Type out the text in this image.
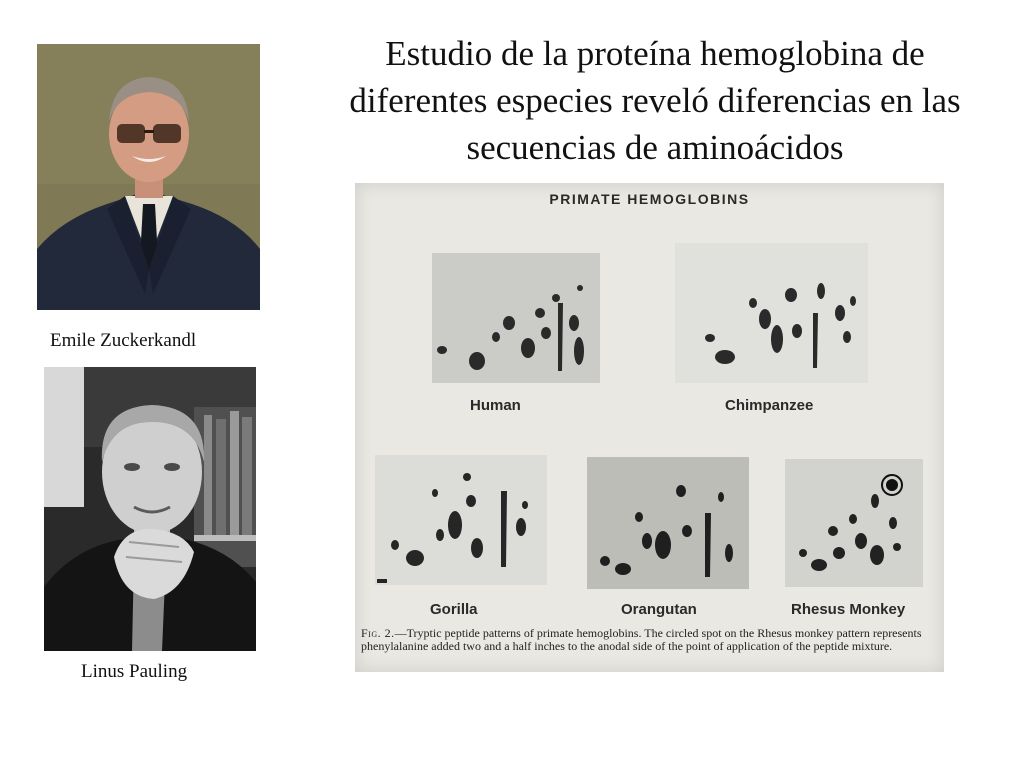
Estudio de la proteína hemoglobina de diferentes especies reveló diferencias en las secuencias de aminoácidos
Emile Zuckerkandl
Linus Pauling
PRIMATE HEMOGLOBINS
Human	Chimpanzee
Gorilla	Orangutan	Rhesus Monkey
Fig. 2.—Tryptic peptide patterns of primate hemoglobins. The circled spot on the Rhesus monkey pattern represents phenylalanine added two and a half inches to the anodal side of the point of application of the peptide mixture.
